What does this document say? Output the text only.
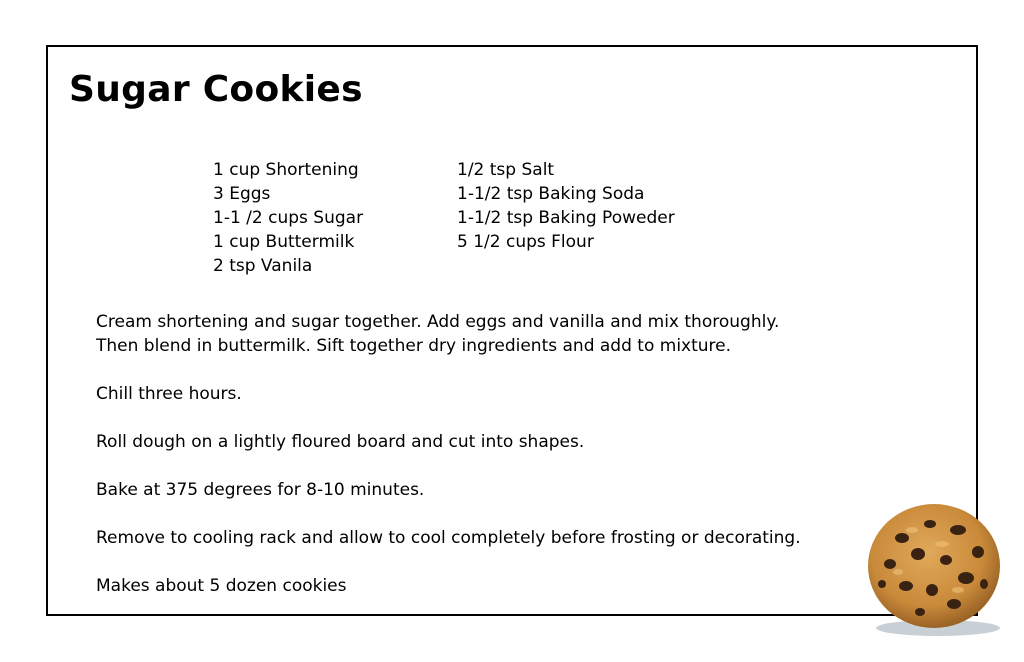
Sugar Cookies
1 cup Shortening
3 Eggs
1-1 /2 cups Sugar
1 cup Buttermilk
2 tsp Vanila
1/2 tsp Salt
1-1/2 tsp Baking Soda
1-1/2 tsp Baking Poweder
5 1/2 cups Flour

Cream shortening and sugar together. Add eggs and vanilla and mix thoroughly.

Then blend in buttermilk. Sift together dry ingredients and add to mixture.

Chill three hours.

Roll dough on a lightly floured board and cut into shapes.

Bake at 375 degrees for 8-10 minutes.

Remove to cooling rack and allow to cool completely before frosting or decorating.

Makes about 5 dozen cookies
